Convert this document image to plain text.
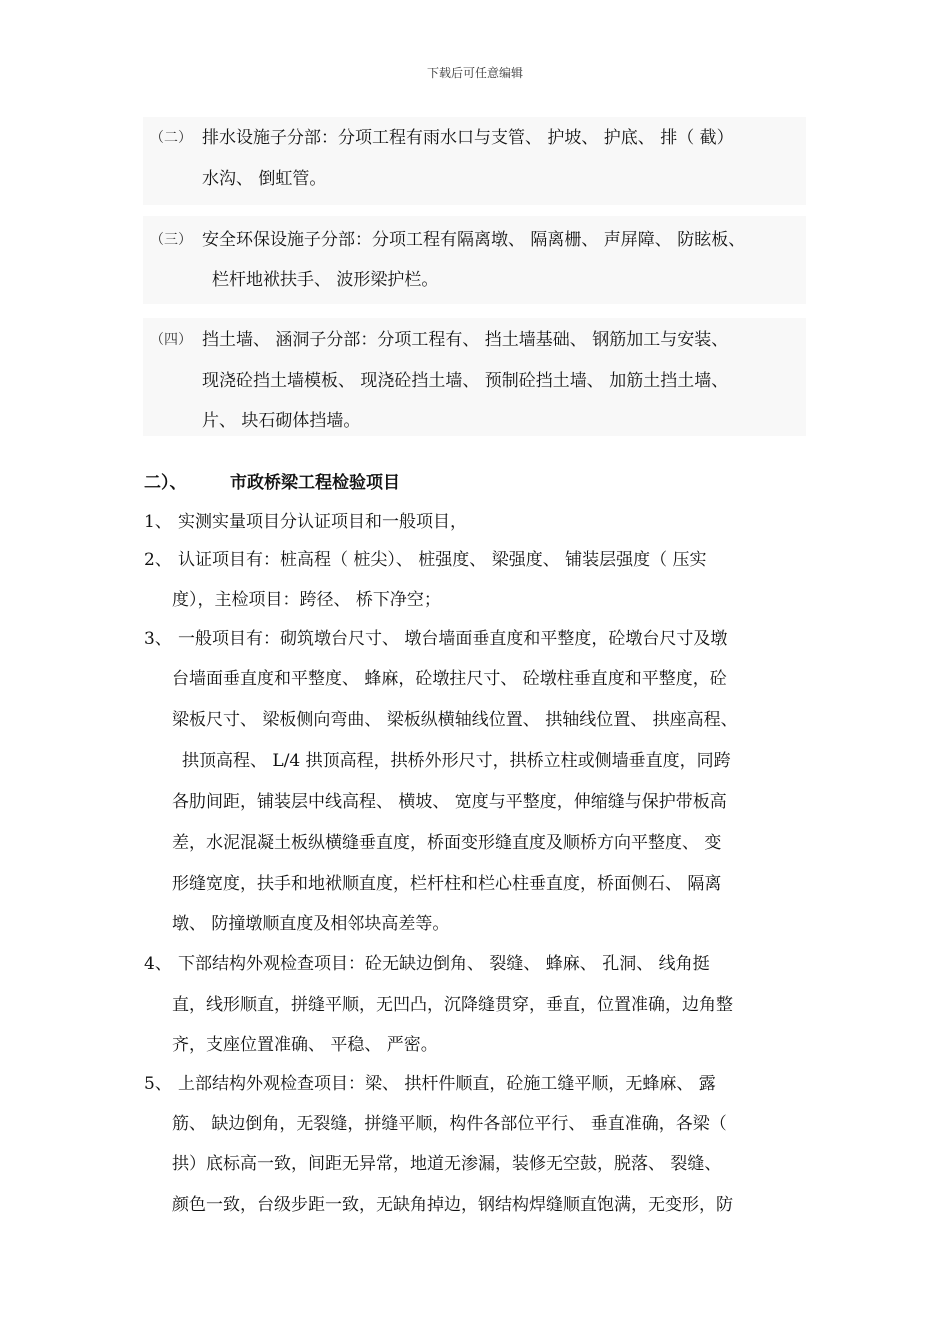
下载后可任意编辑
（二） 排水设施子分部：分项工程有雨水口与支管、 护坡、 护底、 排（ 截）
水沟、 倒虹管。
（三） 安全环保设施子分部：分项工程有隔离墩、 隔离栅、 声屏障、 防眩板、
栏杆地袱扶手、 波形梁护栏。
（四） 挡土墙、 涵洞子分部：分项工程有、 挡土墙基础、 钢筋加工与安装、
现浇砼挡土墙模板、 现浇砼挡土墙、 预制砼挡土墙、 加筋土挡土墙、
片、 块石砌体挡墙。
二）、	市政桥梁工程检验项目
1、 实测实量项目分认证项目和一般项目，
2、 认证项目有：桩高程（ 桩尖）、 桩强度、 梁强度、 铺装层强度（ 压实
度），主检项目：跨径、 桥下净空；
3、 一般项目有：砌筑墩台尺寸、 墩台墙面垂直度和平整度，砼墩台尺寸及墩
台墙面垂直度和平整度、 蜂麻，砼墩拄尺寸、 砼墩柱垂直度和平整度，砼
梁板尺寸、 梁板侧向弯曲、 梁板纵横轴线位置、 拱轴线位置、 拱座高程、
拱顶高程、 L/4 拱顶高程，拱桥外形尺寸，拱桥立柱或侧墙垂直度，同跨
各肋间距，铺装层中线高程、 横坡、 宽度与平整度，伸缩缝与保护带板高
差，水泥混凝土板纵横缝垂直度，桥面变形缝直度及顺桥方向平整度、 变
形缝宽度，扶手和地袱顺直度，栏杆柱和栏心柱垂直度，桥面侧石、 隔离
墩、 防撞墩顺直度及相邻块高差等。
4、 下部结构外观检查项目：砼无缺边倒角、 裂缝、 蜂麻、 孔洞、 线角挺
直，线形顺直，拼缝平顺，无凹凸，沉降缝贯穿，垂直，位置准确，边角整
齐，支座位置准确、 平稳、 严密。
5、 上部结构外观检查项目：梁、 拱杆件顺直，砼施工缝平顺，无蜂麻、 露
筋、 缺边倒角，无裂缝，拼缝平顺，构件各部位平行、 垂直准确，各梁（
拱）底标高一致，间距无异常，地道无渗漏，装修无空鼓，脱落、 裂缝、
颜色一致，台级步距一致，无缺角掉边，钢结构焊缝顺直饱满，无变形，防
